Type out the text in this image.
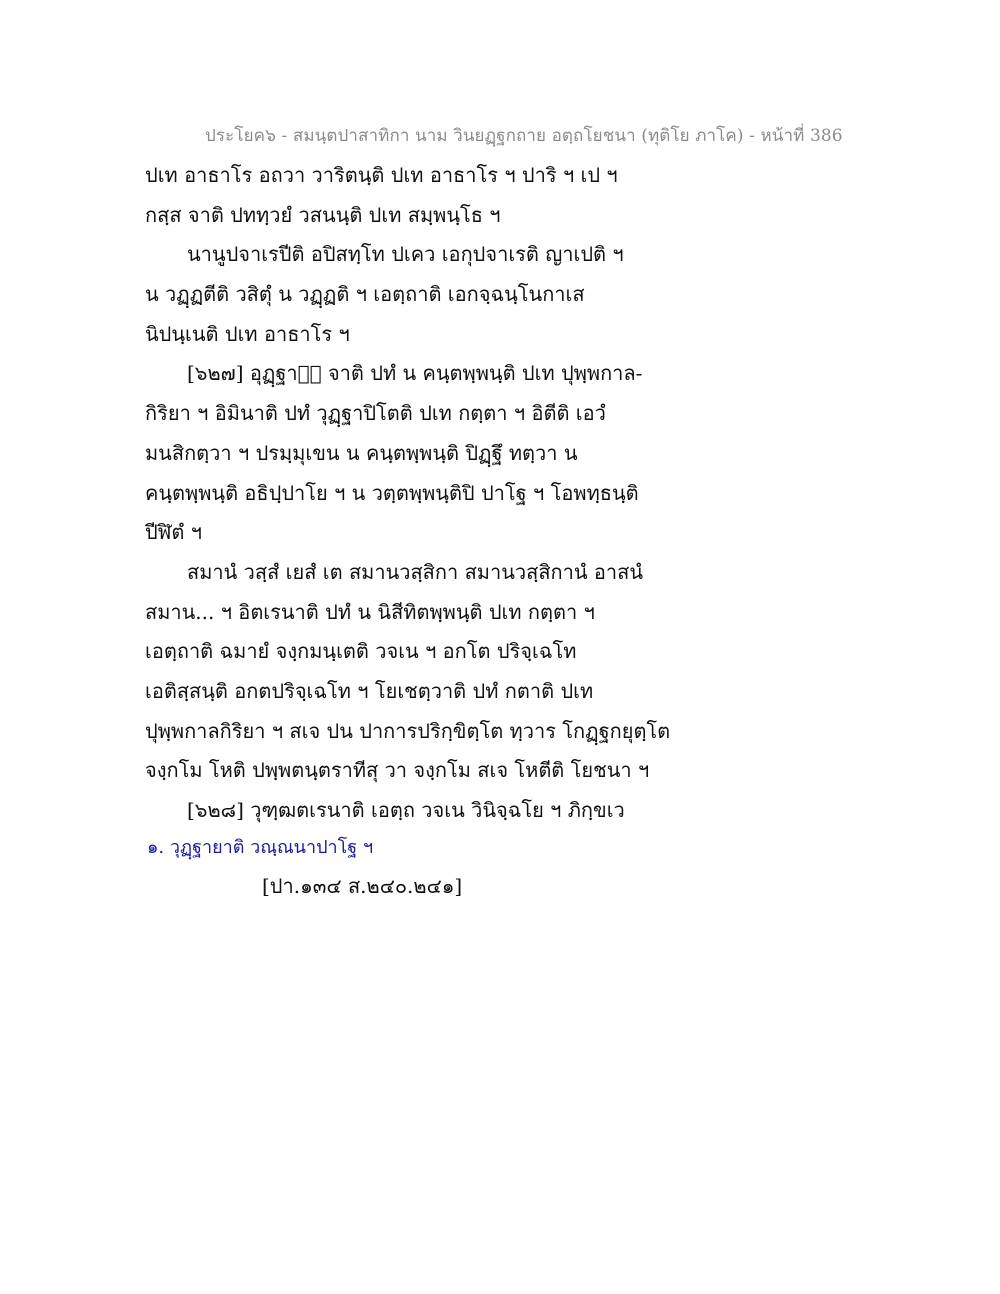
ประโยค๖ - สมนฺตปาสาทิกา นาม วินยฏฺฐกถาย อตฺถโยชนา (ทุติโย ภาโค) - หน้าที่ 386
ปเท อาธาโร อถวา วาริตนฺติ ปเท อาธาโร ฯ ปาริ ฯ เป ฯ
กสฺส จาติ ปททฺวยํ วสนนฺติ ปเท สมฺพนฺโธ ฯ
นานูปจาเรปีติ อปิสทฺโท ปเคว เอกุปจาเรติ ญาเปติ ฯ
น วฏฺฏตีติ วสิตุํ น วฏฺฏติ ฯ เอตฺถาติ เอกจฺฉนฺโนกาเส
นิปนฺเนติ ปเท อาธาโร ฯ
[๖๒๗] อุฏฺฐาย᳚ จาติ ปทํ น คนฺตพฺพนฺติ ปเท ปุพฺพกาล-
กิริยา ฯ อิมินาติ ปทํ วุฏฺฐาปิโตติ ปเท กตฺตา ฯ อิตีติ เอวํ
มนสิกตฺวา ฯ ปรมฺมุเขน น คนฺตพฺพนฺติ ปิฏฺฐึ ทตฺวา น
คนฺตพฺพนฺติ อธิปฺปาโย ฯ น วตฺตพฺพนฺติปิ ปาโฐ ฯ โอพทฺธนฺติ
ปีฬิตํ ฯ
สมานํ วสฺสํ เยสํ เต สมานวสฺสิกา สมานวสฺสิกานํ อาสนํ
สมาน... ฯ อิตเรนาติ ปทํ น นิสีทิตพฺพนฺติ ปเท กตฺตา ฯ
เอตฺถาติ ฉมายํ จงฺกมนฺเตติ วจเน ฯ อกโต ปริจฺเฉโท
เอติสฺสนฺติ อกตปริจฺเฉโท ฯ โยเชตฺวาติ ปทํ กตาติ ปเท
ปุพฺพกาลกิริยา ฯ สเจ ปน ปาการปริกฺขิตฺโต ทฺวาร โกฏฺฐกยุตฺโต
จงฺกโม โหติ ปพฺพตนฺตราทีสุ วา จงฺกโม สเจ โหตีติ โยชนา ฯ
[๖๒๘] วุฑฺฒตเรนาติ เอตฺถ วจเน วินิจฺฉโย ฯ ภิกฺขเว
๑. วุฏฺฐายาติ วณฺณนาปาโฐ ฯ
[ปา.๑๓๔ ส.๒๔๐.๒๔๑]
